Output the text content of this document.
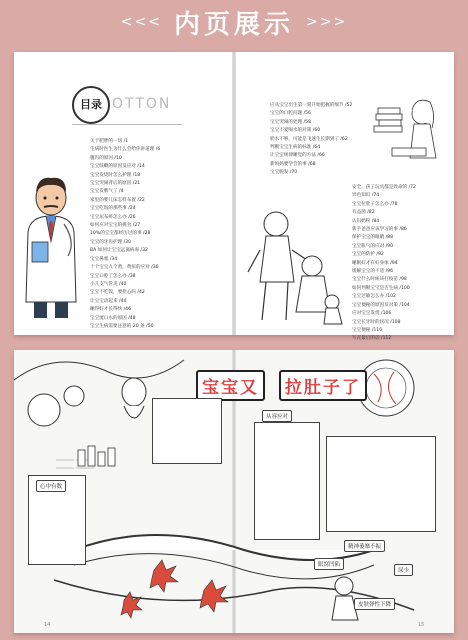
<<< 内页展示 >>>
目录 OTTON
关于肥胖的一切 /1
生病时医生为什么会给你讲道理 /6
腹泻的原因 /10
宝宝咳嗽的原因及应对 /14
宝宝发烧时怎么护理 /18
宝宝哭闹背后的原因 /21
宝宝发脾气了 /4
家里的婴儿床怎样布置 /22
宝宝吃饭的那些事 /24
宝宝尿布疹怎么办 /26
如何应对宝宝的挑食 /27
10%的宝宝都经历过的事 /28
宝宝的牙齿护理 /30
BA 如何让宝宝远离病毒 /32
宝宝鼻塞 /34
十个宝宝九个黄，黄疸的应对 /36
宝宝口腔了怎么办 /38
小儿支气管炎 /40
宝宝不吃饭，要担心吗 /42
让宝宝动起来 /44
睡得好才长得快 /46
宝宝流口水的原因 /48
宝宝生病需要注意的 20 条 /50
应从宝宝出生第一刻开始把握的细节 /52
宝宝的口腔问题 /56
宝宝哭闹的处理 /58
宝宝不爱喝水的对策 /60
奶水不够，可能是飞速生长期到了 /62
判断宝宝生病的标准 /64
让宝宝规律睡觉的方法 /66
新妈妈要学会的事 /68
宝宝脱发 /70
安全，孩子玩具都是致命的 /72
异色知识 /74
宝宝拉肚子怎么办 /78
有益菌 /82
认识奶粉 /84
新手爸爸应该学习的事 /86
保护宝宝的眼睛 /88
宝宝胀气的应对 /90
宝宝的防护 /92
睡眠好才有好身体 /94
缓解宝宝的不适 /96
宝宝什么时候该打疫苗 /98
如何判断宝宝是否生病 /100
宝宝过敏怎么办 /102
宝宝便秘的原因及对策 /104
应对宝宝发烧 /106
宝宝长牙时的状况 /108
宝宝便秘 /110
写在最后的话 /112
宝宝又 拉肚子了
心中有数
从容应对
精神萎靡不振
眼窝凹陷
尿少
皮肤弹性下降
14	15
